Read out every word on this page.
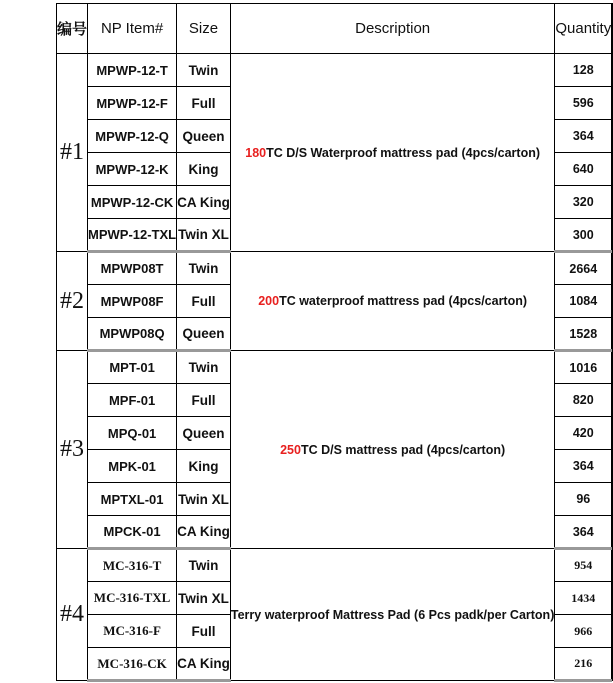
编号	NP Item#	Size	Description	Quantity	
#1	MPWP-12-T	Twin	180TC D/S Waterproof mattress pad (4pcs/carton)	128	
	MPWP-12-F	Full		596	
	MPWP-12-Q	Queen		364	
	MPWP-12-K	King		640	
	MPWP-12-CK	CA King		320	
	MPWP-12-TXL	Twin XL		300	
#2	MPWP08T	Twin	200TC waterproof mattress pad (4pcs/carton)	2664	
	MPWP08F	Full		1084	
	MPWP08Q	Queen		1528	
#3	MPT-01	Twin	250TC D/S mattress pad (4pcs/carton)	1016	
	MPF-01	Full		820	
	MPQ-01	Queen		420	
	MPK-01	King		364	
	MPTXL-01	Twin XL		96	
	MPCK-01	CA King		364	
#4	MC-316-T	Twin	Terry waterproof Mattress Pad (6 Pcs padk/per Carton)	954	
	MC-316-TXL	Twin XL		1434	
	MC-316-F	Full		966	
	MC-316-CK	CA King		216	
